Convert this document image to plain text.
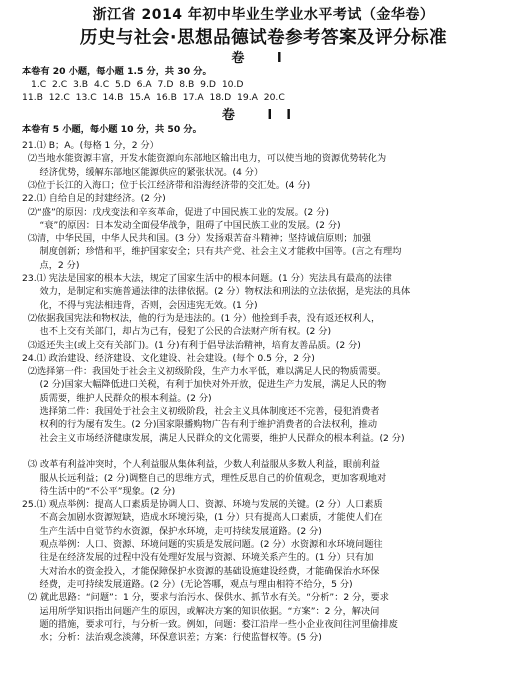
浙江省 2014 年初中毕业生学业水平考试（金华卷）
历史与社会·思想品德试卷参考答案及评分标准
卷 I
本卷有 20 小题，每小题 1.5 分，共 30 分。
1.C  2.C  3.B  4.C  5.D  6.A  7.D  8.B  9.D  10.D
11.B  12.C  13.C  14.B  15.A  16.B  17.A  18.D  19.A  20.C
卷 II
本卷有 5 小题，每小题 10 分，共 50 分。
21.⑴ B；A。(每格 1 分，2 分）
⑵当地水能资源丰富，开发水能资源向东部地区输出电力，可以使当地的资源优势转化为
经济优势，缓解东部地区能源供应的紧张状况。(4 分）
⑶位于长江的入海口；位于长江经济带和沿海经济带的交汇处。(4 分)
22.⑴ 自给自足的封建经济。(2 分)
⑵“盛”的原因：戊戌变法和辛亥革命，促进了中国民族工业的发展。(2 分)
“衰”的原因：日本发动全面侵华战争，阻碍了中国民族工业的发展。(2 分)
⑶清，中华民国，中华人民共和国。(3 分）发扬艰苦奋斗精神；坚持诚信原则；加强
制度创新；珍惜和平，维护国家安全；只有共产党、社会主义才能救中国等。(言之有理均
点，2 分)
23.⑴ 宪法是国家的根本大法，规定了国家生活中的根本问题。(1 分）宪法具有最高的法律
效力，是制定和实施普通法律的法律依据。(2 分）物权法和刑法的立法依据，是宪法的具体
化，不得与宪法相违背，否则，会因违宪无效。(1 分)
⑵依据我国宪法和物权法，他的行为是违法的。(1 分）他捡到手表，没有返还权利人，
也不上交有关部门，却占为己有，侵犯了公民的合法财产所有权。(2 分)
⑶返还失主(或上交有关部门)。(1 分)有利于倡导法治精神，培育友善品质。(2 分)
24.⑴ 政治建设、经济建设、文化建设、社会建设。(每个 0.5 分，2 分)
⑵选择第一件：我国处于社会主义初级阶段，生产力水平低，难以满足人民的物质需要。
(2 分)国家大幅降低进口关税，有利于加快对外开放，促进生产力发展，满足人民的物
质需要，维护人民群众的根本利益。(2 分)
选择第二件：我国处于社会主义初级阶段，社会主义具体制度还不完善，侵犯消费者
权利的行为屡有发生。(2 分)国家限播购物广告有利于维护消费者的合法权利，推动
社会主义市场经济健康发展，满足人民群众的文化需要，维护人民群众的根本利益。(2 分)
⑶ 改革有利益冲突时，个人利益服从集体利益，少数人利益服从多数人利益，眼前利益
服从长远利益；(2 分)调整自己的思维方式，理性反思自己的价值观念，更加客观地对
待生活中的“不公平”现象。(2 分)
25.⑴ 观点举例：提高人口素质是协调人口、资源、环境与发展的关键。(2 分）人口素质
不高会加剧水资源短缺，造成水环境污染，(1 分）只有提高人口素质，才能使人们在
生产生活中自觉节约水资源，保护水环境，走可持续发展道路。(2 分)
观点举例：人口、资源、环境问题的实质是发展问题。(2 分）水资源和水环境问题往
往是在经济发展的过程中没有处理好发展与资源、环境关系产生的。(1 分）只有加
大对治水的资金投入，才能保障保护水资源的基础设施建设经费，才能确保治水环保
经费，走可持续发展道路。(2 分）(无论答哪，观点与理由相符不给分，5 分)
⑵ 就此思路：“问题”：1 分，要求与治污水、保供水、抓节水有关。“分析”：2 分，要求
运用所学知识指出问题产生的原因，或解决方案的知识依据。“方案”：2 分，解决问
题的措施，要求可行，与分析一致。例如，问题：婺江沿岸一些小企业夜间往河里偷排废
水；分析：法治观念淡薄，环保意识差；方案：行使监督权等。(5 分)
